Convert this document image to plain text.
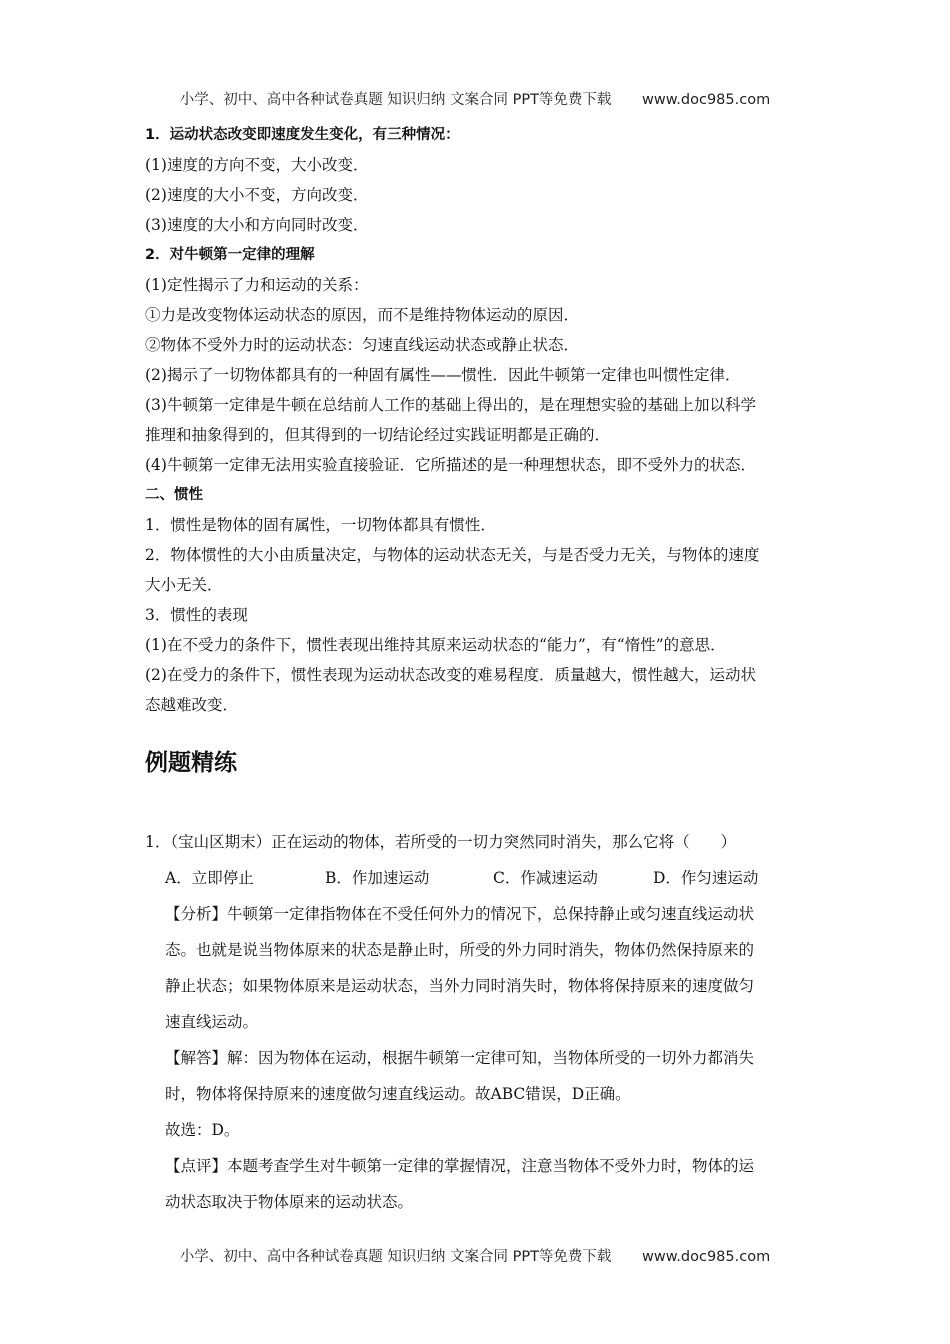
小学、初中、高中各种试卷真题 知识归纳 文案合同 PPT等免费下载 www.doc985.com
1．运动状态改变即速度发生变化，有三种情况：
(1)速度的方向不变，大小改变．
(2)速度的大小不变，方向改变．
(3)速度的大小和方向同时改变．
2．对牛顿第一定律的理解
(1)定性揭示了力和运动的关系：
①力是改变物体运动状态的原因，而不是维持物体运动的原因．
②物体不受外力时的运动状态：匀速直线运动状态或静止状态．
(2)揭示了一切物体都具有的一种固有属性——惯性．因此牛顿第一定律也叫惯性定律．
(3)牛顿第一定律是牛顿在总结前人工作的基础上得出的，是在理想实验的基础上加以科学
推理和抽象得到的，但其得到的一切结论经过实践证明都是正确的．
(4)牛顿第一定律无法用实验直接验证．它所描述的是一种理想状态，即不受外力的状态．
二、惯性
1．惯性是物体的固有属性，一切物体都具有惯性．
2．物体惯性的大小由质量决定，与物体的运动状态无关，与是否受力无关，与物体的速度
大小无关．
3．惯性的表现
(1)在不受力的条件下，惯性表现出维持其原来运动状态的“能力”，有“惰性”的意思．
(2)在受力的条件下，惯性表现为运动状态改变的难易程度．质量越大，惯性越大，运动状
态越难改变．
例题精练
1．（宝山区期末）正在运动的物体，若所受的一切力突然同时消失，那么它将（　　）
A．立即停止	B．作加速运动	C．作减速运动	D．作匀速运动
【分析】牛顿第一定律指物体在不受任何外力的情况下，总保持静止或匀速直线运动状
态。也就是说当物体原来的状态是静止时，所受的外力同时消失，物体仍然保持原来的
静止状态；如果物体原来是运动状态，当外力同时消失时，物体将保持原来的速度做匀
速直线运动。
【解答】解：因为物体在运动，根据牛顿第一定律可知，当物体所受的一切外力都消失
时，物体将保持原来的速度做匀速直线运动。故ABC错误，D正确。
故选：D。
【点评】本题考查学生对牛顿第一定律的掌握情况，注意当物体不受外力时，物体的运
动状态取决于物体原来的运动状态。
小学、初中、高中各种试卷真题 知识归纳 文案合同 PPT等免费下载 www.doc985.com
